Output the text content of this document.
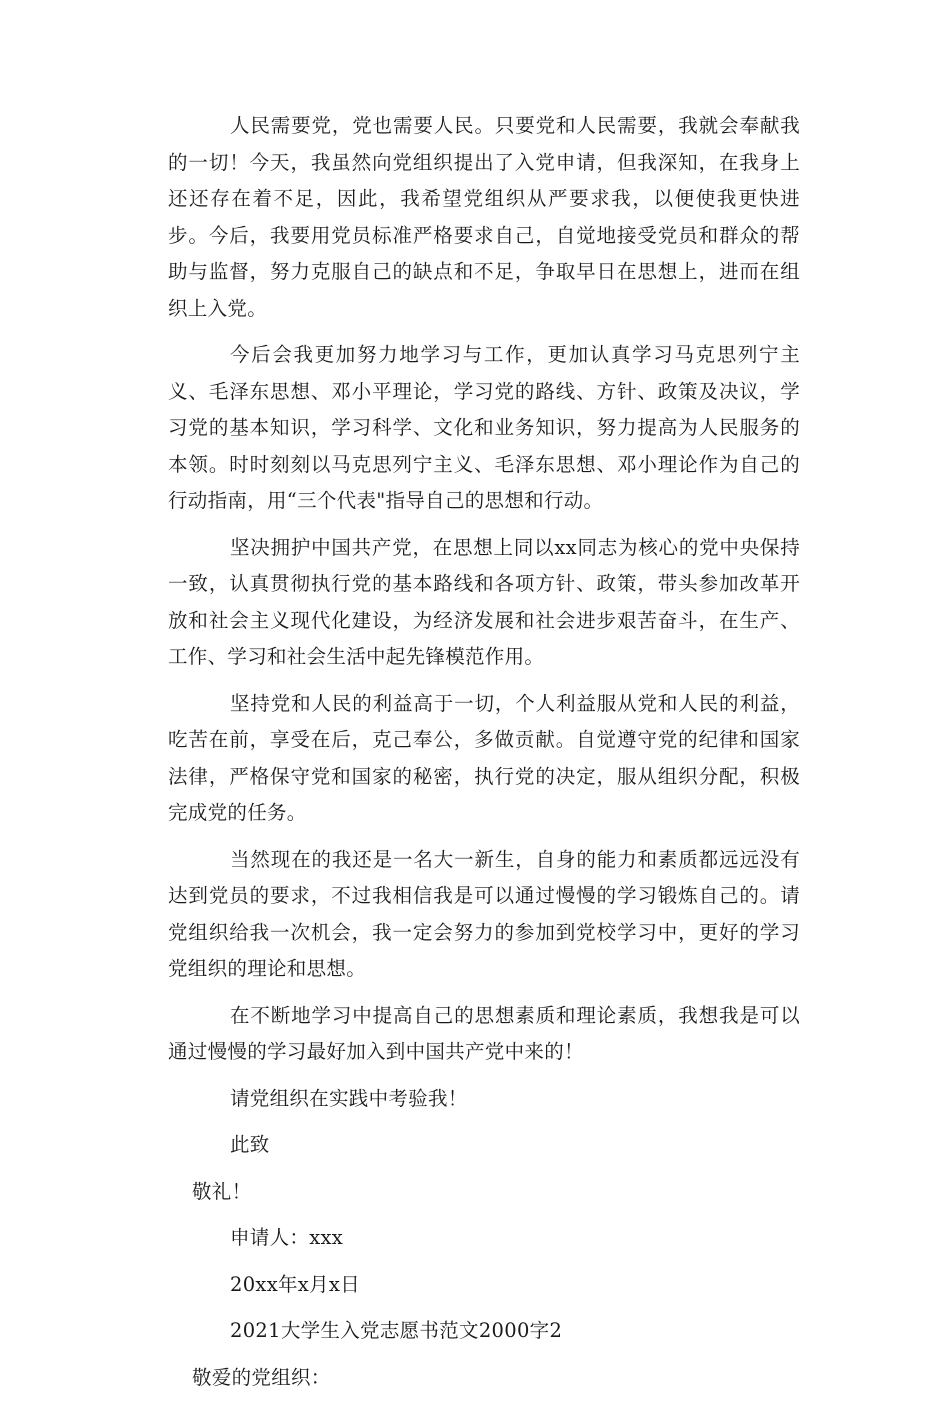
人民需要党，党也需要人民。只要党和人民需要，我就会奉献我的一切！今天，我虽然向党组织提出了入党申请，但我深知，在我身上还还存在着不足，因此，我希望党组织从严要求我，以便使我更快进步。今后，我要用党员标准严格要求自己，自觉地接受党员和群众的帮助与监督，努力克服自己的缺点和不足，争取早日在思想上，进而在组织上入党。

今后会我更加努力地学习与工作，更加认真学习马克思列宁主义、毛泽东思想、邓小平理论，学习党的路线、方针、政策及决议，学习党的基本知识，学习科学、文化和业务知识，努力提高为人民服务的本领。时时刻刻以马克思列宁主义、毛泽东思想、邓小理论作为自己的行动指南，用“三个代表"指导自己的思想和行动。

坚决拥护中国共产党，在思想上同以xx同志为核心的党中央保持一致，认真贯彻执行党的基本路线和各项方针、政策，带头参加改革开放和社会主义现代化建设，为经济发展和社会进步艰苦奋斗，在生产、工作、学习和社会生活中起先锋模范作用。

坚持党和人民的利益高于一切，个人利益服从党和人民的利益，吃苦在前，享受在后，克己奉公，多做贡献。自觉遵守党的纪律和国家法律，严格保守党和国家的秘密，执行党的决定，服从组织分配，积极完成党的任务。

当然现在的我还是一名大一新生，自身的能力和素质都远远没有达到党员的要求，不过我相信我是可以通过慢慢的学习锻炼自己的。请党组织给我一次机会，我一定会努力的参加到党校学习中，更好的学习党组织的理论和思想。

在不断地学习中提高自己的思想素质和理论素质，我想我是可以通过慢慢的学习最好加入到中国共产党中来的！

请党组织在实践中考验我！
此致
敬礼！
申请人：xxx
20xx年x月x日
2021大学生入党志愿书范文2000字2
敬爱的党组织：
